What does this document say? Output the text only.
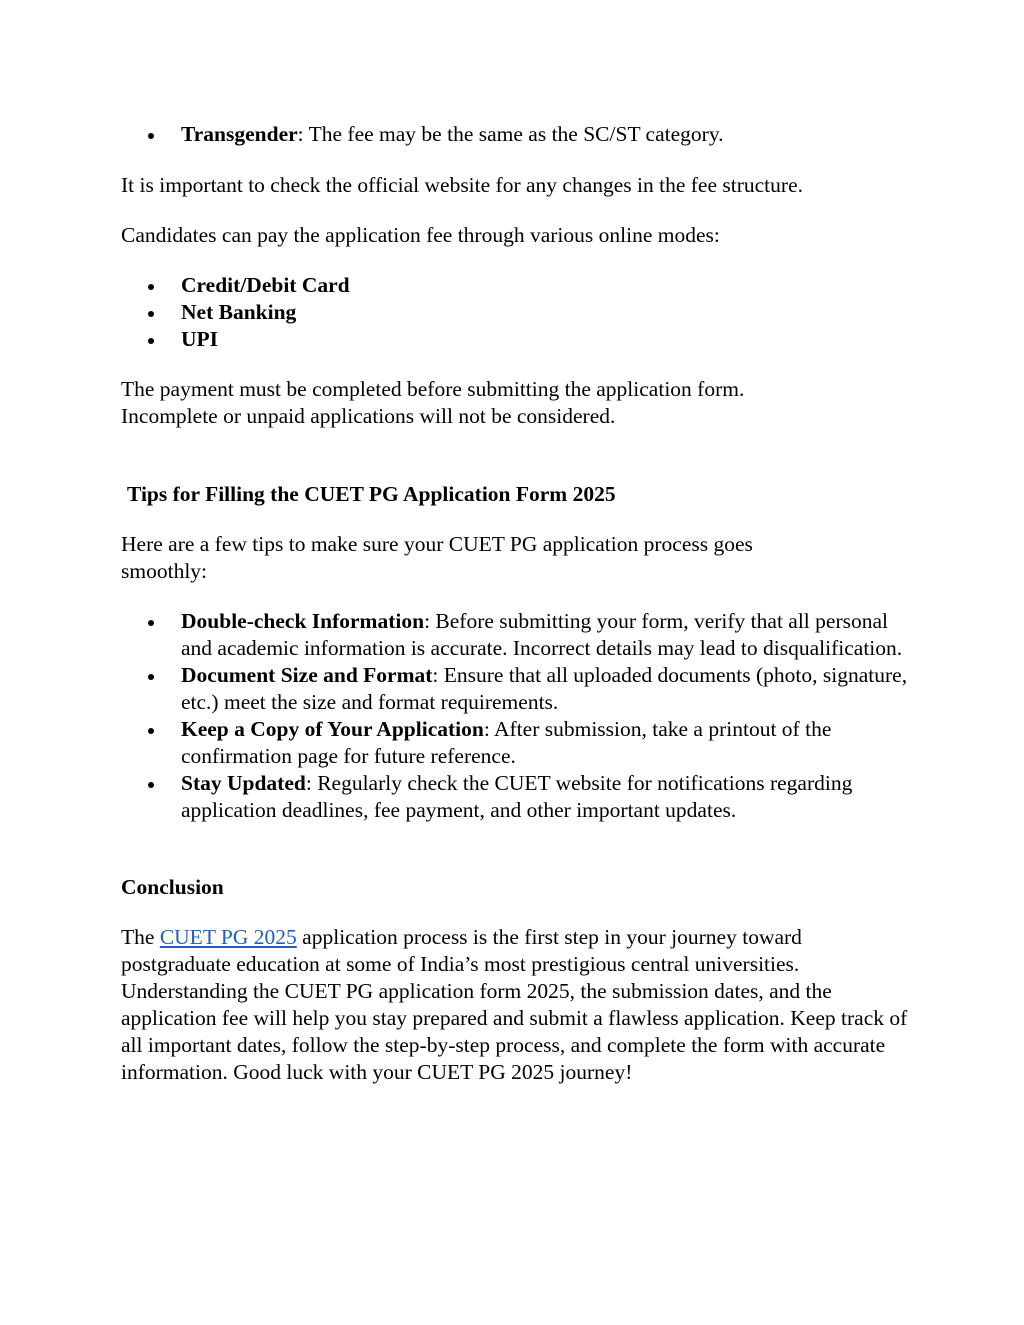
Transgender: The fee may be the same as the SC/ST category.

It is important to check the official website for any changes in the fee structure.

Candidates can pay the application fee through various online modes:

Credit/Debit Card
Net Banking
UPI

The payment must be completed before submitting the application form. Incomplete or unpaid applications will not be considered.

Tips for Filling the CUET PG Application Form 2025

Here are a few tips to make sure your CUET PG application process goes smoothly:

Double-check Information: Before submitting your form, verify that all personal and academic information is accurate. Incorrect details may lead to disqualification.
Document Size and Format: Ensure that all uploaded documents (photo, signature, etc.) meet the size and format requirements.
Keep a Copy of Your Application: After submission, take a printout of the confirmation page for future reference.
Stay Updated: Regularly check the CUET website for notifications regarding application deadlines, fee payment, and other important updates.

Conclusion

The CUET PG 2025 application process is the first step in your journey toward postgraduate education at some of India’s most prestigious central universities. Understanding the CUET PG application form 2025, the submission dates, and the application fee will help you stay prepared and submit a flawless application. Keep track of all important dates, follow the step-by-step process, and complete the form with accurate information. Good luck with your CUET PG 2025 journey!
